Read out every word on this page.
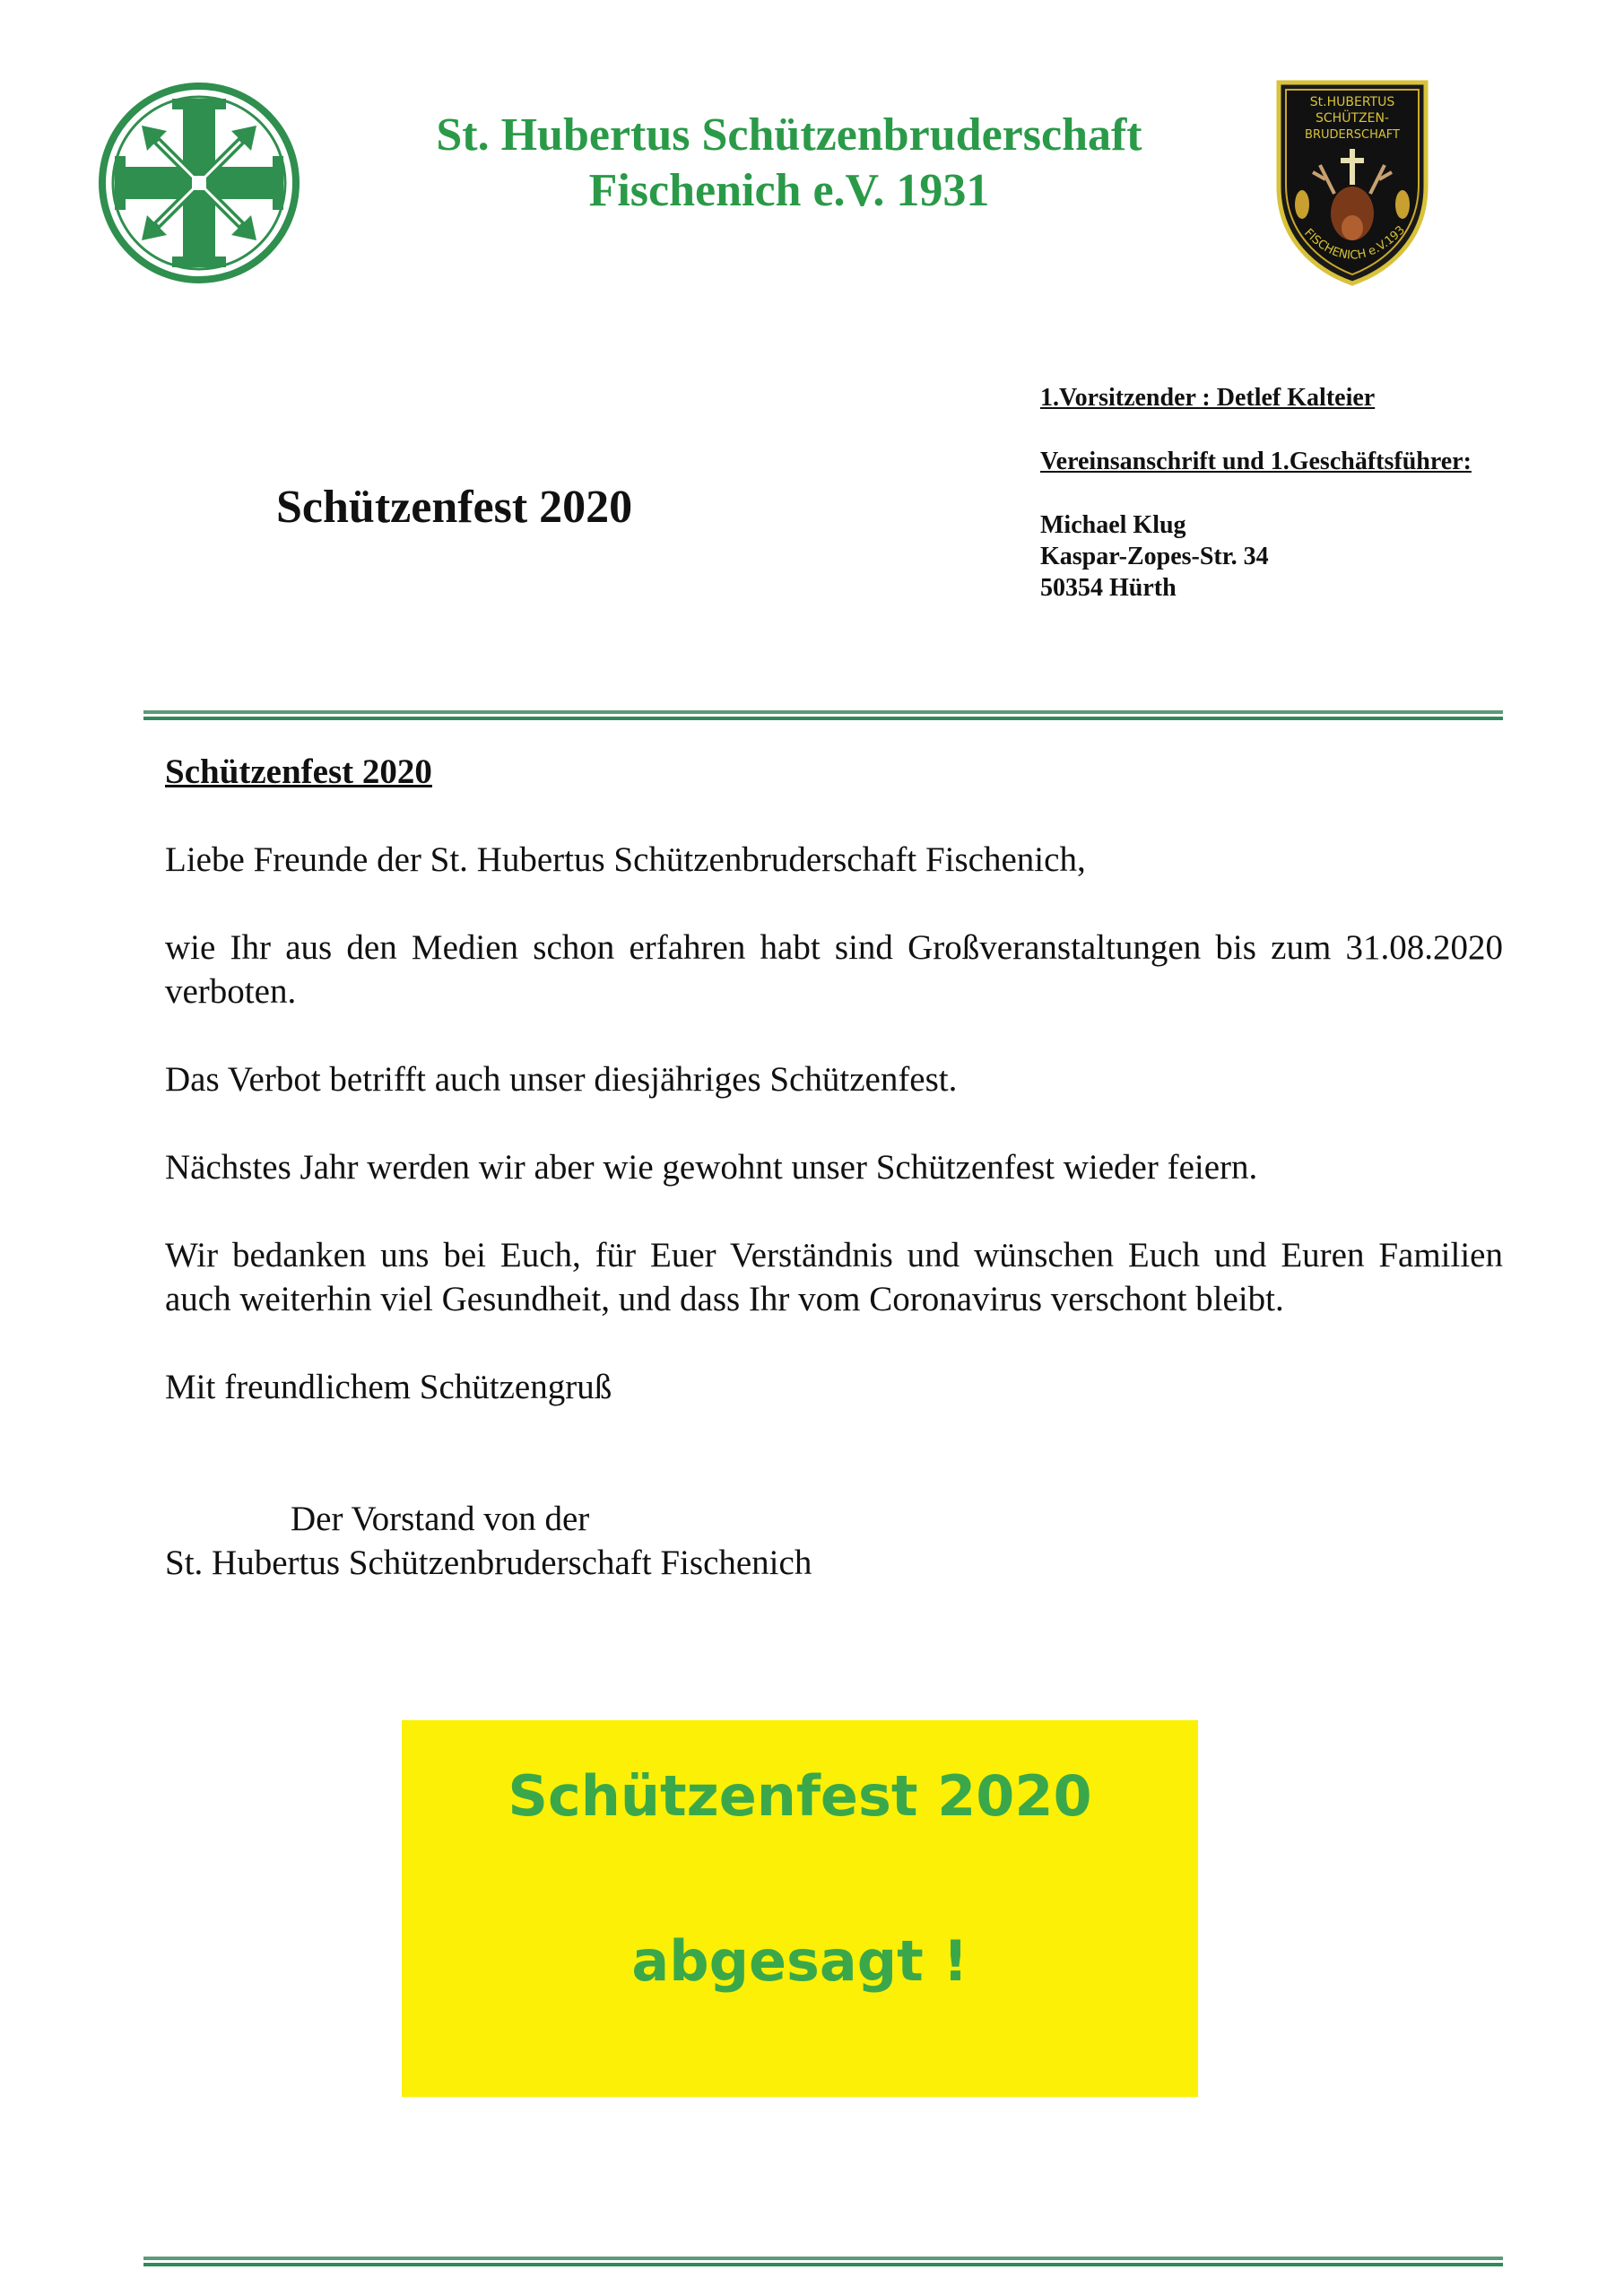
St. Hubertus Schützenbruderschaft
Fischenich e.V. 1931
St.HUBERTUS
SCHÜTZEN-
BRUDERSCHAFT
FISCHENICH e.V.193
Schützenfest 2020
1.Vorsitzender : Detlef Kalteier
Vereinsanschrift und 1.Geschäftsführer:
Michael Klug
Kaspar-Zopes-Str. 34
50354 Hürth

Schützenfest 2020

Liebe Freunde der St. Hubertus Schützenbruderschaft Fischenich,

wie Ihr aus den Medien schon erfahren habt sind Großveranstaltungen bis zum 31.08.2020 verboten.

Das Verbot betrifft auch unser diesjähriges Schützenfest.

Nächstes Jahr werden wir aber wie gewohnt unser Schützenfest wieder feiern.

Wir bedanken uns bei Euch, für Euer Verständnis und wünschen Euch und Euren Familien auch weiterhin viel Gesundheit, und dass Ihr vom Coronavirus verschont bleibt.

Mit freundlichem Schützengruß

Der Vorstand von der
St. Hubertus Schützenbruderschaft Fischenich
Schützenfest 2020
abgesagt !
